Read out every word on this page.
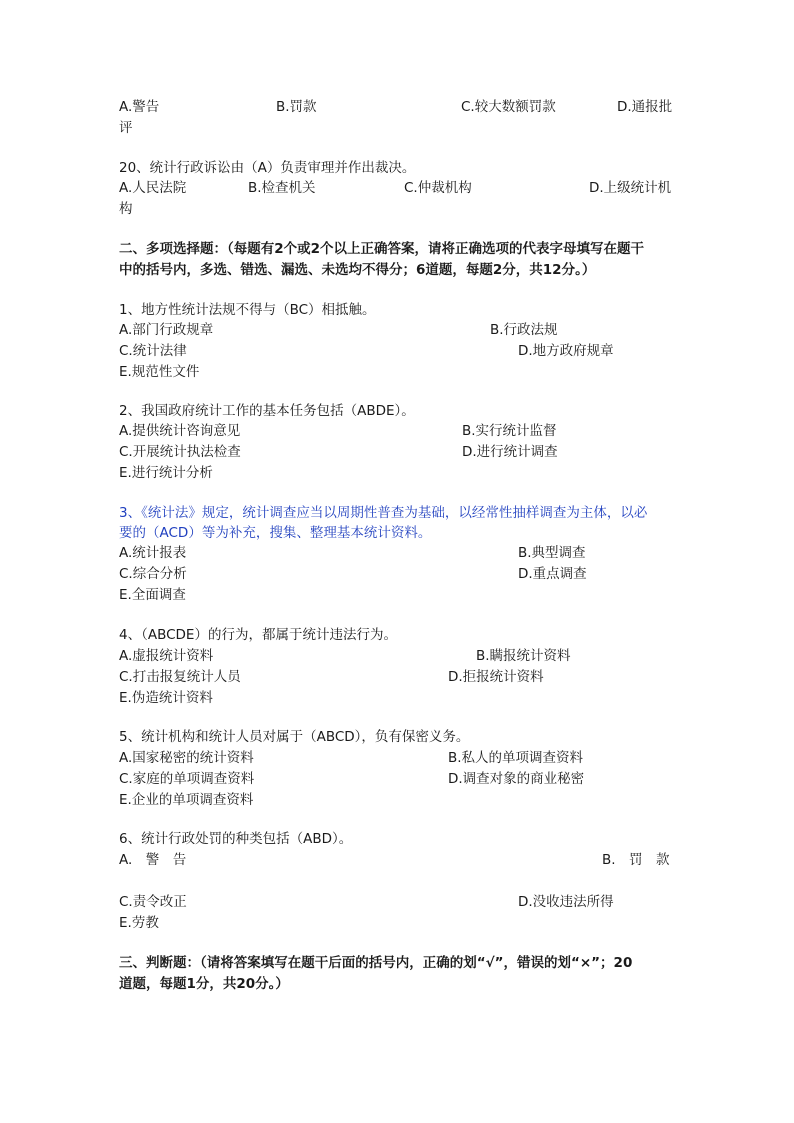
A.警告	B.罚款	C.较大数额罚款	D.通报批
评
20、统计行政诉讼由（A）负责审理并作出裁决。
A.人民法院	B.检查机关	C.仲裁机构	D.上级统计机
构
二、多项选择题：（每题有2个或2个以上正确答案，请将正确选项的代表字母填写在题干
中的括号内，多选、错选、漏选、未选均不得分；6道题，每题2分，共12分。）
1、地方性统计法规不得与（BC）相抵触。
A.部门行政规章	B.行政法规
C.统计法律	D.地方政府规章
E.规范性文件
2、我国政府统计工作的基本任务包括（ABDE）。
A.提供统计咨询意见	B.实行统计监督
C.开展统计执法检查	D.进行统计调查
E.进行统计分析
3、《统计法》规定，统计调查应当以周期性普查为基础，以经常性抽样调查为主体，以必
要的（ACD）等为补充，搜集、整理基本统计资料。
A.统计报表	B.典型调查
C.综合分析	D.重点调查
E.全面调查
4、（ABCDE）的行为，都属于统计违法行为。
A.虚报统计资料	B.瞒报统计资料
C.打击报复统计人员	D.拒报统计资料
E.伪造统计资料
5、统计机构和统计人员对属于（ABCD），负有保密义务。
A.国家秘密的统计资料	B.私人的单项调查资料
C.家庭的单项调查资料	D.调查对象的商业秘密
E.企业的单项调查资料
6、统计行政处罚的种类包括（ABD）。
A.　警　告	B.　罚　款
C.责令改正	D.没收违法所得
E.劳教
三、判断题：（请将答案填写在题干后面的括号内，正确的划“√”，错误的划“×”；20
道题，每题1分，共20分。）
